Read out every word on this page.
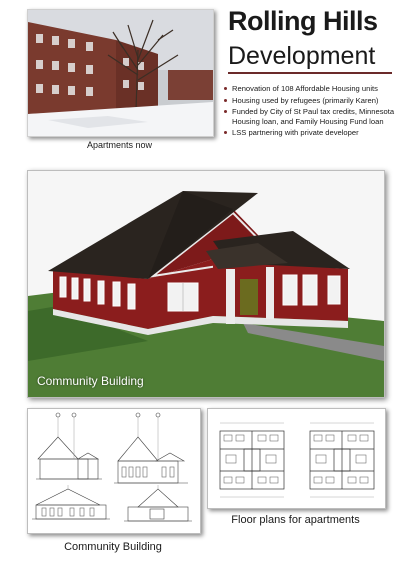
Apartments now
Rolling Hills
Development
Renovation of 108 Affordable Housing units
Housing used by refugees (primarily Karen)
Funded by City of St Paul tax credits, Minnesota Housing loan, and Family Housing Fund loan
LSS partnering with private developer
Community Building
Community Building
Floor plans for apartments
